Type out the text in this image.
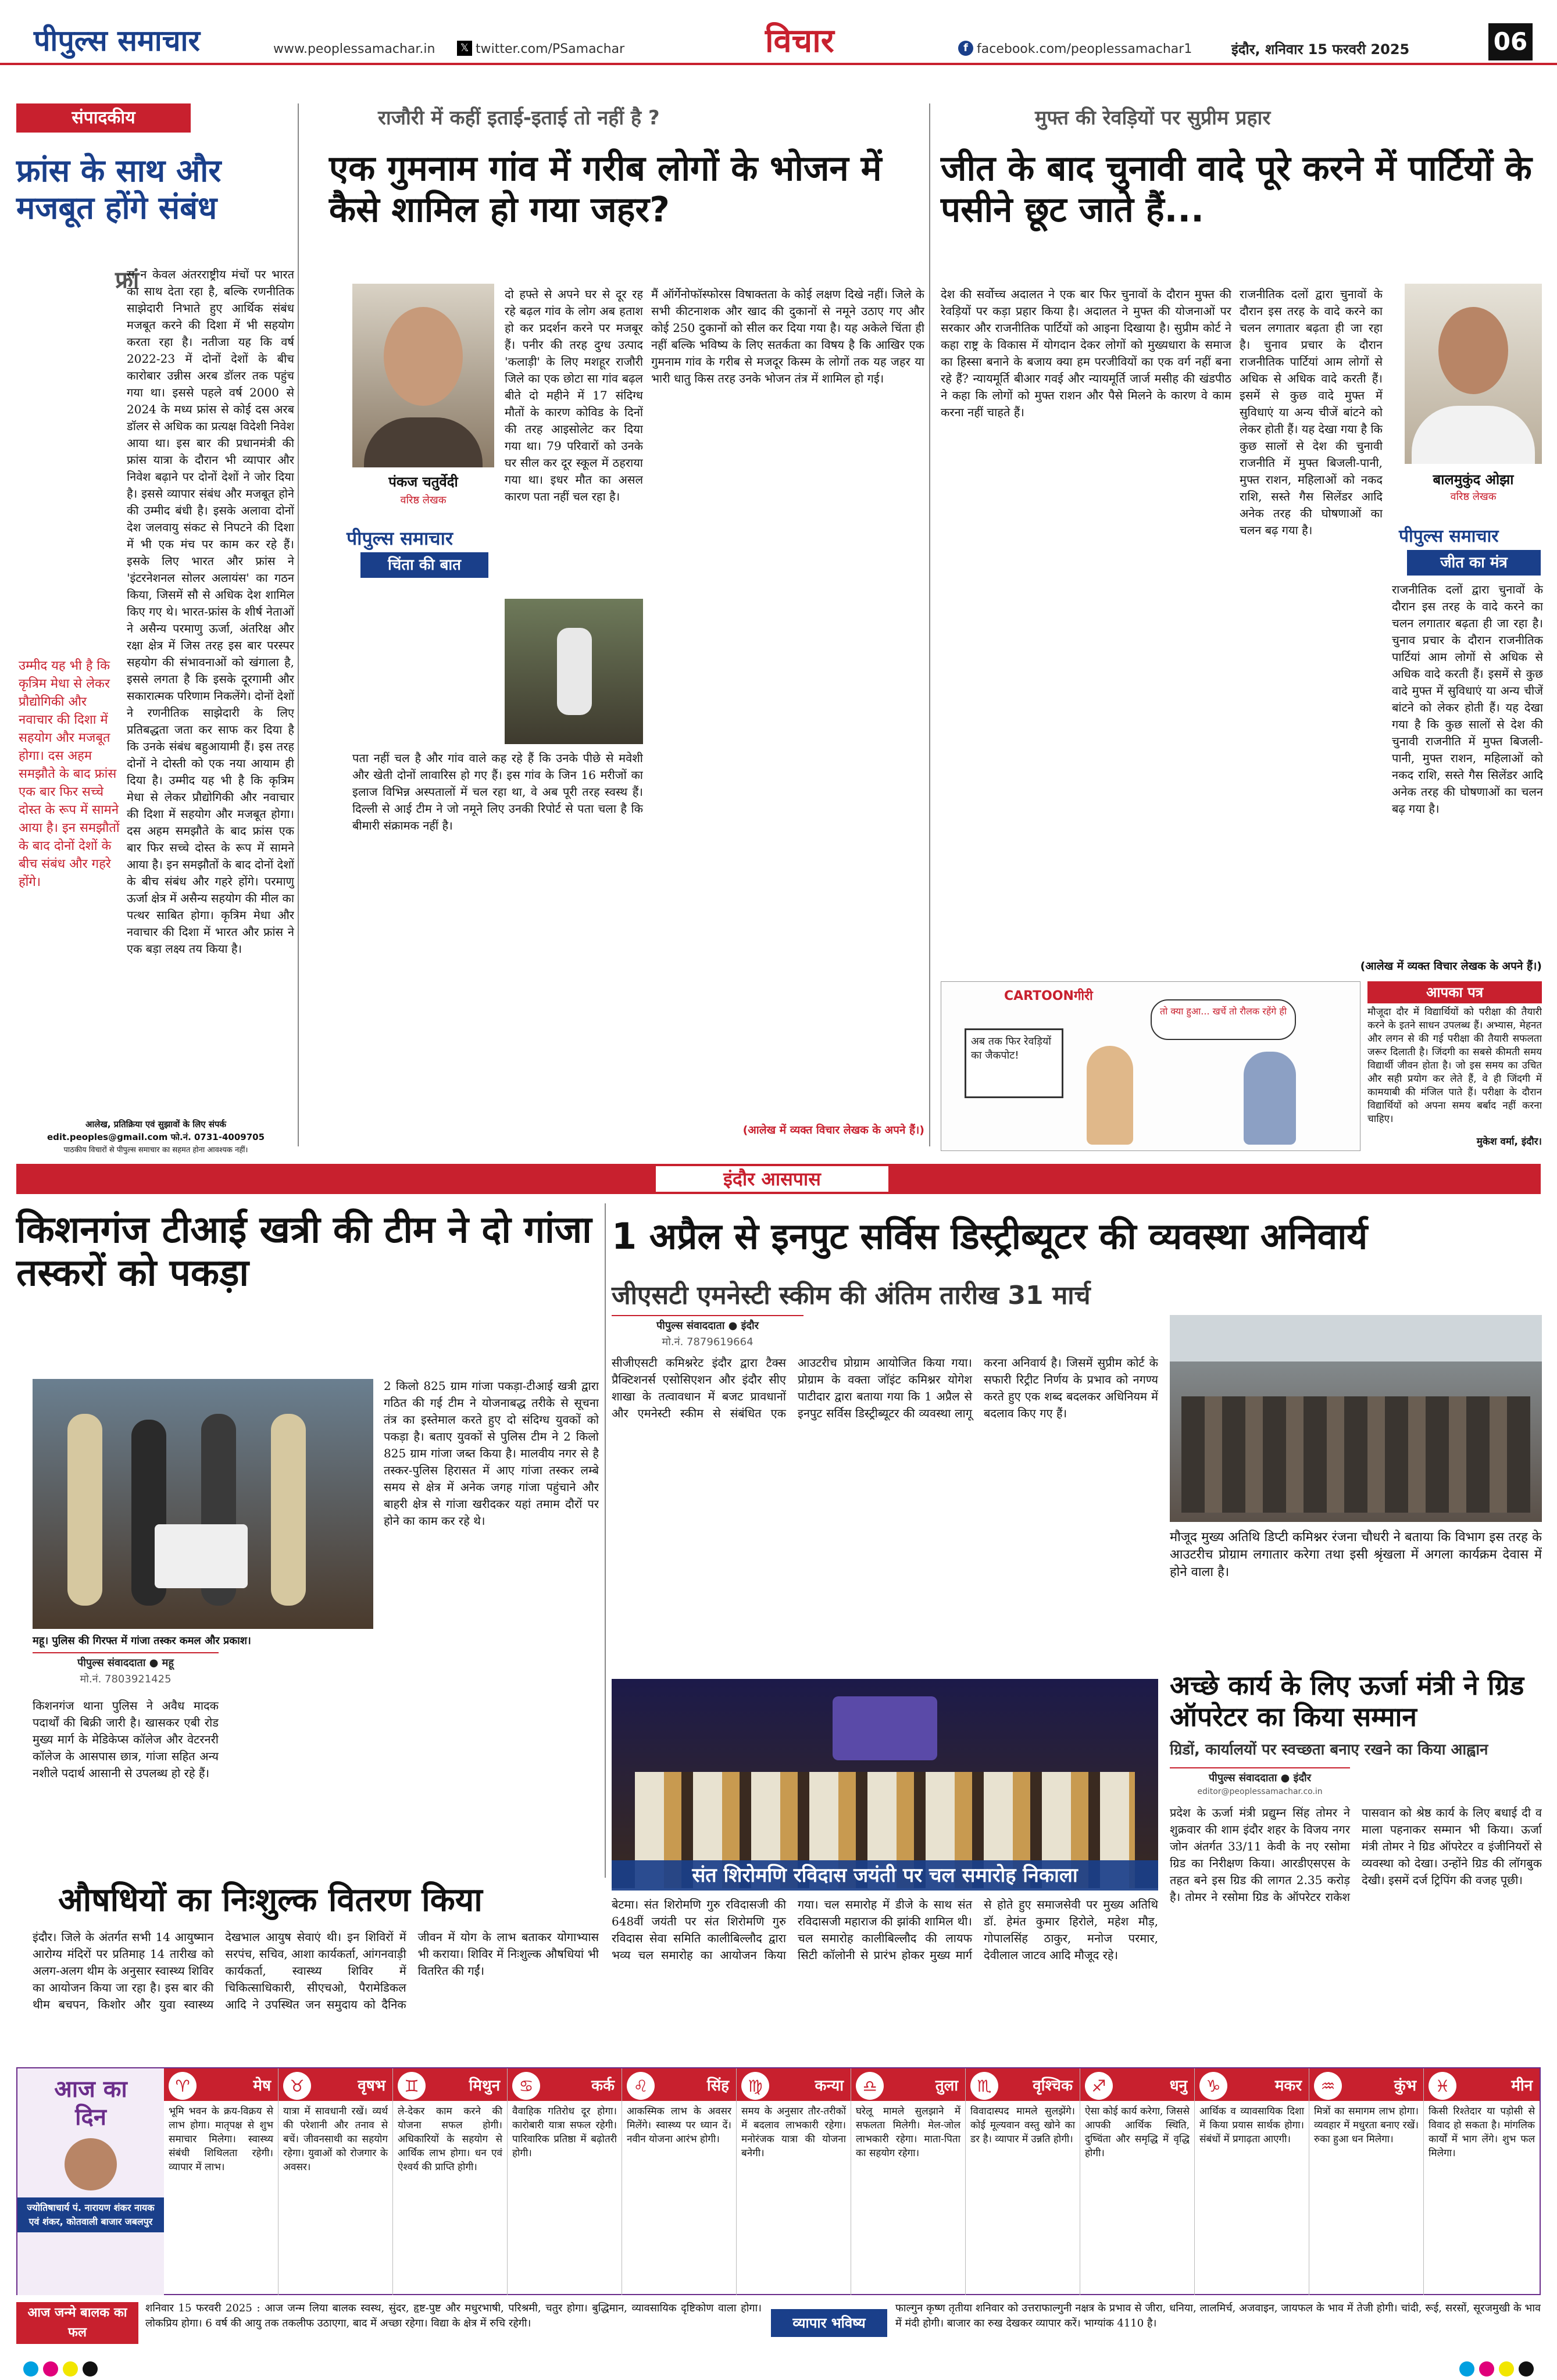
पीपुल्स समाचार	www.peoplessamachar.in	𝕏 twitter.com/PSamachar	विचार	f facebook.com/peoplessamachar1	इंदौर, शनिवार 15 फरवरी 2025	06
संपादकीय
फ्रांस के साथ और मजबूत होंगे संबंध
फ्रां
स न केवल अंतरराष्ट्रीय मंचों पर भारत का साथ देता रहा है, बल्कि रणनीतिक साझेदारी निभाते हुए आर्थिक संबंध मजबूत करने की दिशा में भी सहयोग करता रहा है। नतीजा यह कि वर्ष 2022-23 में दोनों देशों के बीच कारोबार उन्नीस अरब डॉलर तक पहुंच गया था। इससे पहले वर्ष 2000 से 2024 के मध्य फ्रांस से कोई दस अरब डॉलर से अधिक का प्रत्यक्ष विदेशी निवेश आया था। इस बार की प्रधानमंत्री की फ्रांस यात्रा के दौरान भी व्यापार और निवेश बढ़ाने पर दोनों देशों ने जोर दिया है। इससे व्यापार संबंध और मजबूत होने की उम्मीद बंधी है। इसके अलावा दोनों देश जलवायु संकट से निपटने की दिशा में भी एक मंच पर काम कर रहे हैं। इसके लिए भारत और फ्रांस ने 'इंटरनेशनल सोलर अलायंस' का गठन किया, जिसमें सौ से अधिक देश शामिल किए गए थे। भारत-फ्रांस के शीर्ष नेताओं ने असैन्य परमाणु ऊर्जा, अंतरिक्ष और रक्षा क्षेत्र में जिस तरह इस बार परस्पर सहयोग की संभावनाओं को खंगाला है, इससे लगता है कि इसके दूरगामी और सकारात्मक परिणाम निकलेंगे। दोनों देशों ने रणनीतिक साझेदारी के लिए प्रतिबद्धता जता कर साफ कर दिया है कि उनके संबंध बहुआयामी हैं। इस तरह दोनों ने दोस्ती को एक नया आयाम ही दिया है। उम्मीद यह भी है कि कृत्रिम मेधा से लेकर प्रौद्योगिकी और नवाचार की दिशा में सहयोग और मजबूत होगा। दस अहम समझौते के बाद फ्रांस एक बार फिर सच्चे दोस्त के रूप में सामने आया है। इन समझौतों के बाद दोनों देशों के बीच संबंध और गहरे होंगे। परमाणु ऊर्जा क्षेत्र में असैन्य सहयोग की मील का पत्थर साबित होगा। कृत्रिम मेधा और नवाचार की दिशा में भारत और फ्रांस ने एक बड़ा लक्ष्य तय किया है।
उम्मीद यह भी है कि कृत्रिम मेधा से लेकर प्रौद्योगिकी और नवाचार की दिशा में सहयोग और मजबूत होगा। दस अहम समझौते के बाद फ्रांस एक बार फिर सच्चे दोस्त के रूप में सामने आया है। इन समझौतों के बाद दोनों देशों के बीच संबंध और गहरे होंगे।
आलेख, प्रतिक्रिया एवं सुझावों के लिए संपर्क
edit.peoples@gmail.com फो.नं. 0731-4009705
पाठकीय विचारों से पीपुल्स समाचार का सहमत होना आवश्यक नहीं।
राजौरी में कहीं इताई-इताई तो नहीं है ?
एक गुमनाम गांव में गरीब लोगों के भोजन में कैसे शामिल हो गया जहर?
पंकज चतुर्वेदी
वरिष्ठ लेखक
पीपुल्स समाचार
चिंता की बात
दो हफ्ते से अपने घर से दूर रह रहे बढ़ल गांव के लोग अब हताश हो कर प्रदर्शन करने पर मजबूर हैं। पनीर की तरह दुग्ध उत्पाद 'कलाड़ी' के लिए मशहूर राजौरी जिले का एक छोटा सा गांव बढ़ल बीते दो महीने में 17 संदिग्ध मौतों के कारण कोविड के दिनों की तरह आइसोलेट कर दिया गया था। 79 परिवारों को उनके घर सील कर दूर स्कूल में ठहराया गया था। इधर मौत का असल कारण पता नहीं चल रहा है।
पता नहीं चल है और गांव वाले कह रहे हैं कि उनके पीछे से मवेशी और खेती दोनों लावारिस हो गए हैं। इस गांव के जिन 16 मरीजों का इलाज विभिन्न अस्पतालों में चल रहा था, वे अब पूरी तरह स्वस्थ हैं। दिल्ली से आई टीम ने जो नमूने लिए उनकी रिपोर्ट से पता चला है कि बीमारी संक्रामक नहीं है।
मैं ऑर्गेनोफॉस्फोरस विषाक्तता के कोई लक्षण दिखे नहीं। जिले के सभी कीटनाशक और खाद की दुकानों से नमूने उठाए गए और कोई 250 दुकानों को सील कर दिया गया है। यह अकेले चिंता ही नहीं बल्कि भविष्य के लिए सतर्कता का विषय है कि आखिर एक गुमनाम गांव के गरीब से मजदूर किस्म के लोगों तक यह जहर या भारी धातु किस तरह उनके भोजन तंत्र में शामिल हो गई।
(आलेख में व्यक्त विचार लेखक के अपने हैं।)
मुफ्त की रेवड़ियों पर सुप्रीम प्रहार
जीत के बाद चुनावी वादे पूरे करने में पार्टियों के पसीने छूट जाते हैं...
देश की सर्वोच्च अदालत ने एक बार फिर चुनावों के दौरान मुफ्त की रेवड़ियों पर कड़ा प्रहार किया है। अदालत ने मुफ्त की योजनाओं पर सरकार और राजनीतिक पार्टियों को आइना दिखाया है। सुप्रीम कोर्ट ने कहा राष्ट्र के विकास में योगदान देकर लोगों को मुख्यधारा के समाज का हिस्सा बनाने के बजाय क्या हम परजीवियों का एक वर्ग नहीं बना रहे हैं? न्यायमूर्ति बीआर गवई और न्यायमूर्ति जार्ज मसीह की खंडपीठ ने कहा कि लोगों को मुफ्त राशन और पैसे मिलने के कारण वे काम करना नहीं चाहते हैं।
राजनीतिक दलों द्वारा चुनावों के दौरान इस तरह के वादे करने का चलन लगातार बढ़ता ही जा रहा है। चुनाव प्रचार के दौरान राजनीतिक पार्टियां आम लोगों से अधिक से अधिक वादे करती हैं। इसमें से कुछ वादे मुफ्त में सुविधाएं या अन्य चीजें बांटने को लेकर होती हैं। यह देखा गया है कि कुछ सालों से देश की चुनावी राजनीति में मुफ्त बिजली-पानी, मुफ्त राशन, महिलाओं को नकद राशि, सस्ते गैस सिलेंडर आदि अनेक तरह की घोषणाओं का चलन बढ़ गया है।
बालमुकुंद ओझा
वरिष्ठ लेखक
पीपुल्स समाचार
जीत का मंत्र
राजनीतिक दलों द्वारा चुनावों के दौरान इस तरह के वादे करने का चलन लगातार बढ़ता ही जा रहा है। चुनाव प्रचार के दौरान राजनीतिक पार्टियां आम लोगों से अधिक से अधिक वादे करती हैं। इसमें से कुछ वादे मुफ्त में सुविधाएं या अन्य चीजें बांटने को लेकर होती हैं। यह देखा गया है कि कुछ सालों से देश की चुनावी राजनीति में मुफ्त बिजली-पानी, मुफ्त राशन, महिलाओं को नकद राशि, सस्ते गैस सिलेंडर आदि अनेक तरह की घोषणाओं का चलन बढ़ गया है।
(आलेख में व्यक्त विचार लेखक के अपने हैं।)
CARTOONगीरी
अब तक फिर रेवड़ियों का जैकपोट!
तो क्या हुआ... खर्चे तो रौलक रहेंगे ही
आपका पत्र
मौजूदा दौर में विद्यार्थियों को परीक्षा की तैयारी करने के इतने साधन उपलब्ध हैं। अभ्यास, मेहनत और लगन से की गई परीक्षा की तैयारी सफलता जरूर दिलाती है। जिंदगी का सबसे कीमती समय विद्यार्थी जीवन होता है। जो इस समय का उचित और सही प्रयोग कर लेते हैं, वे ही जिंदगी में कामयाबी की मंजिल पाते हैं। परीक्षा के दौरान विद्यार्थियों को अपना समय बर्बाद नहीं करना चाहिए।
मुकेश वर्मा, इंदौर।
इंदौर आसपास
किशनगंज टीआई खत्री की टीम ने दो गांजा तस्करों को पकड़ा
महू। पुलिस की गिरफ्त में गांजा तस्कर कमल और प्रकाश।
पीपुल्स संवाददाता ● महू
मो.नं. 7803921425
किशनगंज थाना पुलिस ने अवैध मादक पदार्थों की बिक्री जारी है। खासकर एबी रोड मुख्य मार्ग के मेडिकेप्स कॉलेज और वेटरनरी कॉलेज के आसपास छात्र, गांजा सहित अन्य नशीले पदार्थ आसानी से उपलब्ध हो रहे हैं।
2 किलो 825 ग्राम गांजा पकड़ा-टीआई खत्री द्वारा गठित की गई टीम ने योजनाबद्ध तरीके से सूचना तंत्र का इस्तेमाल करते हुए दो संदिग्ध युवकों को पकड़ा है। बताए युवकों से पुलिस टीम ने 2 किलो 825 ग्राम गांजा जब्त किया है। मालवीय नगर से है तस्कर-पुलिस हिरासत में आए गांजा तस्कर लम्बे समय से क्षेत्र में अनेक जगह गांजा पहुंचाने और बाहरी क्षेत्र से गांजा खरीदकर यहां तमाम दौरों पर होने का काम कर रहे थे।
1 अप्रैल से इनपुट सर्विस डिस्ट्रीब्यूटर की व्यवस्था अनिवार्य
जीएसटी एमनेस्टी स्कीम की अंतिम तारीख 31 मार्च
पीपुल्स संवाददाता ● इंदौर
मो.नं. 7879619664
सीजीएसटी कमिश्नरेट इंदौर द्वारा टैक्स प्रैक्टिशनर्स एसोसिएशन और इंदौर सीए शाखा के तत्वावधान में बजट प्रावधानों और एमनेस्टी स्कीम से संबंधित एक आउटरीच प्रोग्राम आयोजित किया गया। प्रोग्राम के वक्ता जॉइंट कमिश्नर योगेश पाटीदार द्वारा बताया गया कि 1 अप्रैल से इनपुट सर्विस डिस्ट्रीब्यूटर की व्यवस्था लागू करना अनिवार्य है। जिसमें सुप्रीम कोर्ट के सफारी रिट्रीट निर्णय के प्रभाव को नगण्य करते हुए एक शब्द बदलकर अधिनियम में बदलाव किए गए हैं।
मौजूद मुख्य अतिथि डिप्टी कमिश्नर रंजना चौधरी ने बताया कि विभाग इस तरह के आउटरीच प्रोग्राम लगातार करेगा तथा इसी श्रृंखला में अगला कार्यक्रम देवास में होने वाला है।
संत शिरोमणि रविदास जयंती पर चल समारोह निकाला
बेटमा। संत शिरोमणि गुरु रविदासजी की 648वीं जयंती पर संत शिरोमणि गुरु रविदास सेवा समिति कालीबिल्लौद द्वारा भव्य चल समारोह का आयोजन किया गया। चल समारोह में डीजे के साथ संत रविदासजी महाराज की झांकी शामिल थी। चल समारोह कालीबिल्लौद की लायफ सिटी कॉलोनी से प्रारंभ होकर मुख्य मार्ग से होते हुए समाजसेवी पर मुख्य अतिथि डॉ. हेमंत कुमार हिरोले, महेश मौड़, गोपालसिंह ठाकुर, मनोज परमार, देवीलाल जाटव आदि मौजूद रहे।
अच्छे कार्य के लिए ऊर्जा मंत्री ने ग्रिड ऑपरेटर का किया सम्मान
ग्रिडों, कार्यालयों पर स्वच्छता बनाए रखने का किया आह्वान
पीपुल्स संवाददाता ● इंदौर
editor@peoplessamachar.co.in
प्रदेश के ऊर्जा मंत्री प्रद्युम्न सिंह तोमर ने शुक्रवार की शाम इंदौर शहर के विजय नगर जोन अंतर्गत 33/11 केवी के नए रसोमा ग्रिड का निरीक्षण किया। आरडीएसएस के तहत बने इस ग्रिड की लागत 2.35 करोड़ है। तोमर ने रसोमा ग्रिड के ऑपरेटर राकेश पासवान को श्रेष्ठ कार्य के लिए बधाई दी व माला पहनाकर सम्मान भी किया। ऊर्जा मंत्री तोमर ने ग्रिड ऑपरेटर व इंजीनियरों से व्यवस्था को देखा। उन्होंने ग्रिड की लॉगबुक देखी। इसमें दर्ज ट्रिपिंग की वजह पूछी।
औषधियों का निःशुल्क वितरण किया
इंदौर। जिले के अंतर्गत सभी 14 आयुष्मान आरोग्य मंदिरों पर प्रतिमाह 14 तारीख को अलग-अलग थीम के अनुसार स्वास्थ्य शिविर का आयोजन किया जा रहा है। इस बार की थीम बचपन, किशोर और युवा स्वास्थ्य देखभाल आयुष सेवाएं थी। इन शिविरों में सरपंच, सचिव, आशा कार्यकर्ता, आंगनवाड़ी कार्यकर्ता, स्वास्थ्य शिविर में चिकित्साधिकारी, सीएचओ, पैरामेडिकल आदि ने उपस्थित जन समुदाय को दैनिक जीवन में योग के लाभ बताकर योगाभ्यास भी कराया। शिविर में निःशुल्क औषधियां भी वितरित की गईं।
आज का दिन
ज्योतिषाचार्य पं. नारायण शंकर नायक एवं शंकर, कोतवाली बाजार जबलपुर
♈	मेष
भूमि भवन के क्रय-विक्रय से लाभ होगा। मातृपक्ष से शुभ समाचार मिलेगा। स्वास्थ्य संबंधी शिथिलता रहेगी। व्यापार में लाभ।
♉	वृषभ
यात्रा में सावधानी रखें। व्यर्थ की परेशानी और तनाव से बचें। जीवनसाथी का सहयोग रहेगा। युवाओं को रोजगार के अवसर।
♊	मिथुन
ले-देकर काम करने की योजना सफल होगी। अधिकारियों के सहयोग से आर्थिक लाभ होगा। धन एवं ऐश्वर्य की प्राप्ति होगी।
♋	कर्क
वैवाहिक गतिरोध दूर होगा। कारोबारी यात्रा सफल रहेगी। पारिवारिक प्रतिष्ठा में बढ़ोतरी होगी।
♌	सिंह
आकस्मिक लाभ के अवसर मिलेंगे। स्वास्थ्य पर ध्यान दें। नवीन योजना आरंभ होगी।
♍	कन्या
समय के अनुसार तौर-तरीकों में बदलाव लाभकारी रहेगा। मनोरंजक यात्रा की योजना बनेगी।
♎	तुला
घरेलू मामले सुलझाने में सफलता मिलेगी। मेल-जोल लाभकारी रहेगा। माता-पिता का सहयोग रहेगा।
♏	वृश्चिक
विवादास्पद मामले सुलझेंगे। कोई मूल्यवान वस्तु खोने का डर है। व्यापार में उन्नति होगी।
♐	धनु
ऐसा कोई कार्य करेगा, जिससे आपकी आर्थिक स्थिति, दुष्चिंता और समृद्धि में वृद्धि होगी।
♑	मकर
आर्थिक व व्यावसायिक दिशा में किया प्रयास सार्थक होगा। संबंधों में प्रगाढ़ता आएगी।
♒	कुंभ
मित्रों का समागम लाभ होगा। व्यवहार में मधुरता बनाए रखें। रुका हुआ धन मिलेगा।
♓	मीन
किसी रिश्तेदार या पड़ोसी से विवाद हो सकता है। मांगलिक कार्यों में भाग लेंगे। शुभ फल मिलेगा।
आज जन्मे बालक का फल
शनिवार 15 फरवरी 2025 : आज जन्म लिया बालक स्वस्थ, सुंदर, हृष्ट-पुष्ट और मधुरभाषी, परिश्रमी, चतुर होगा। बुद्धिमान, व्यावसायिक दृष्टिकोण वाला होगा। लोकप्रिय होगा। 6 वर्ष की आयु तक तकलीफ उठाएगा, बाद में अच्छा रहेगा। विद्या के क्षेत्र में रुचि रहेगी।	व्यापार भविष्य
फाल्गुन कृष्ण तृतीया शनिवार को उत्तराफाल्गुनी नक्षत्र के प्रभाव से जीरा, धनिया, लालमिर्च, अजवाइन, जायफल के भाव में तेजी होगी। चांदी, रूई, सरसों, सूरजमुखी के भाव में मंदी होगी। बाजार का रुख देखकर व्यापार करें। भाग्यांक 4110 है।
